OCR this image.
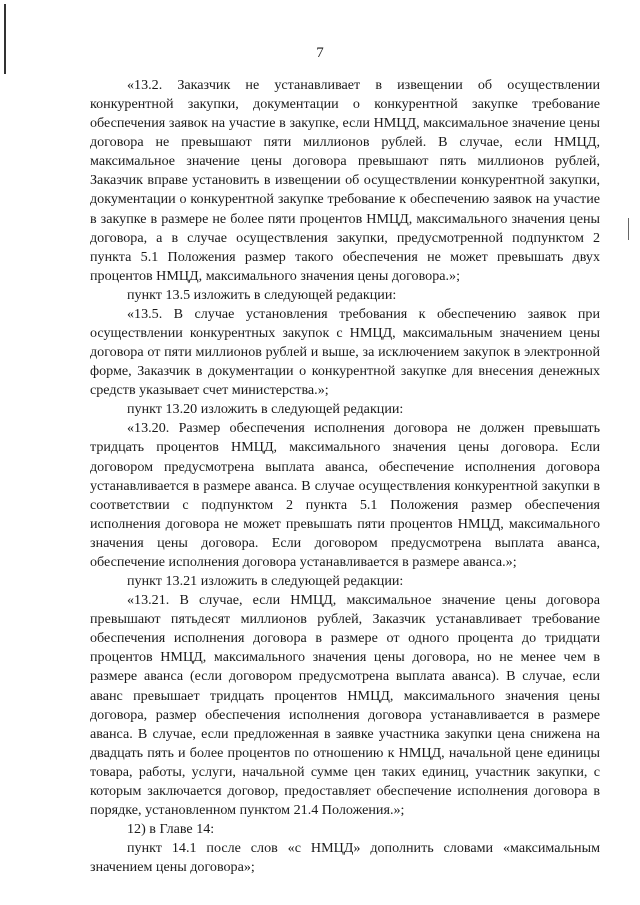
7

«13.2. Заказчик не устанавливает в извещении об осуществлении конкурентной закупки, документации о конкурентной закупке требование обеспечения заявок на участие в закупке, если НМЦД, максимальное значение цены договора не превышают пяти миллионов рублей. В случае, если НМЦД, максимальное значение цены договора превышают пять миллионов рублей, Заказчик вправе установить в извещении об осуществлении конкурентной закупки, документации о конкурентной закупке требование к обеспечению заявок на участие в закупке в размере не более пяти процентов НМЦД, максимального значения цены договора, а в случае осуществления закупки, предусмотренной подпунктом 2 пункта 5.1 Положения размер такого обеспечения не может превышать двух процентов НМЦД, максимального значения цены договора.»;

пункт 13.5 изложить в следующей редакции:

«13.5. В случае установления требования к обеспечению заявок при осуществлении конкурентных закупок с НМЦД, максимальным значением цены договора от пяти миллионов рублей и выше, за исключением закупок в электронной форме, Заказчик в документации о конкурентной закупке для внесения денежных средств указывает счет министерства.»;

пункт 13.20 изложить в следующей редакции:

«13.20. Размер обеспечения исполнения договора не должен превышать тридцать процентов НМЦД, максимального значения цены договора. Если договором предусмотрена выплата аванса, обеспечение исполнения договора устанавливается в размере аванса. В случае осуществления конкурентной закупки в соответствии с подпунктом 2 пункта 5.1 Положения размер обеспечения исполнения договора не может превышать пяти процентов НМЦД, максимального значения цены договора. Если договором предусмотрена выплата аванса, обеспечение исполнения договора устанавливается в размере аванса.»;

пункт 13.21 изложить в следующей редакции:

«13.21. В случае, если НМЦД, максимальное значение цены договора превышают пятьдесят миллионов рублей, Заказчик устанавливает требование обеспечения исполнения договора в размере от одного процента до тридцати процентов НМЦД, максимального значения цены договора, но не менее чем в размере аванса (если договором предусмотрена выплата аванса). В случае, если аванс превышает тридцать процентов НМЦД, максимального значения цены договора, размер обеспечения исполнения договора устанавливается в размере аванса. В случае, если предложенная в заявке участника закупки цена снижена на двадцать пять и более процентов по отношению к НМЦД, начальной цене единицы товара, работы, услуги, начальной сумме цен таких единиц, участник закупки, с которым заключается договор, предоставляет обеспечение исполнения договора в порядке, установленном пунктом 21.4 Положения.»;

12) в Главе 14:

пункт 14.1 после слов «с НМЦД» дополнить словами «максимальным значением цены договора»;
